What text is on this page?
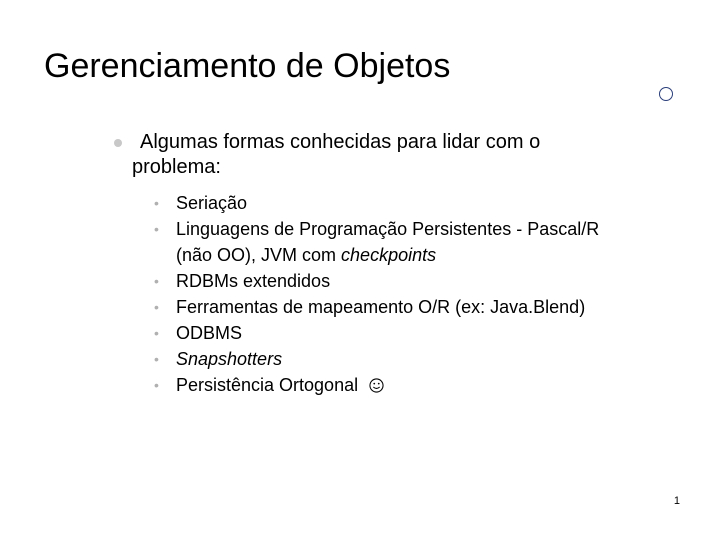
Gerenciamento de Objetos
Algumas formas conhecidas para lidar com o problema:
• Seriação
• Linguagens de Programação Persistentes - Pascal/R
(não OO), JVM com checkpoints
• RDBMs extendidos
• Ferramentas de mapeamento O/R (ex: Java.Blend)
• ODBMS
• Snapshotters
• Persistência Ortogonal
1
